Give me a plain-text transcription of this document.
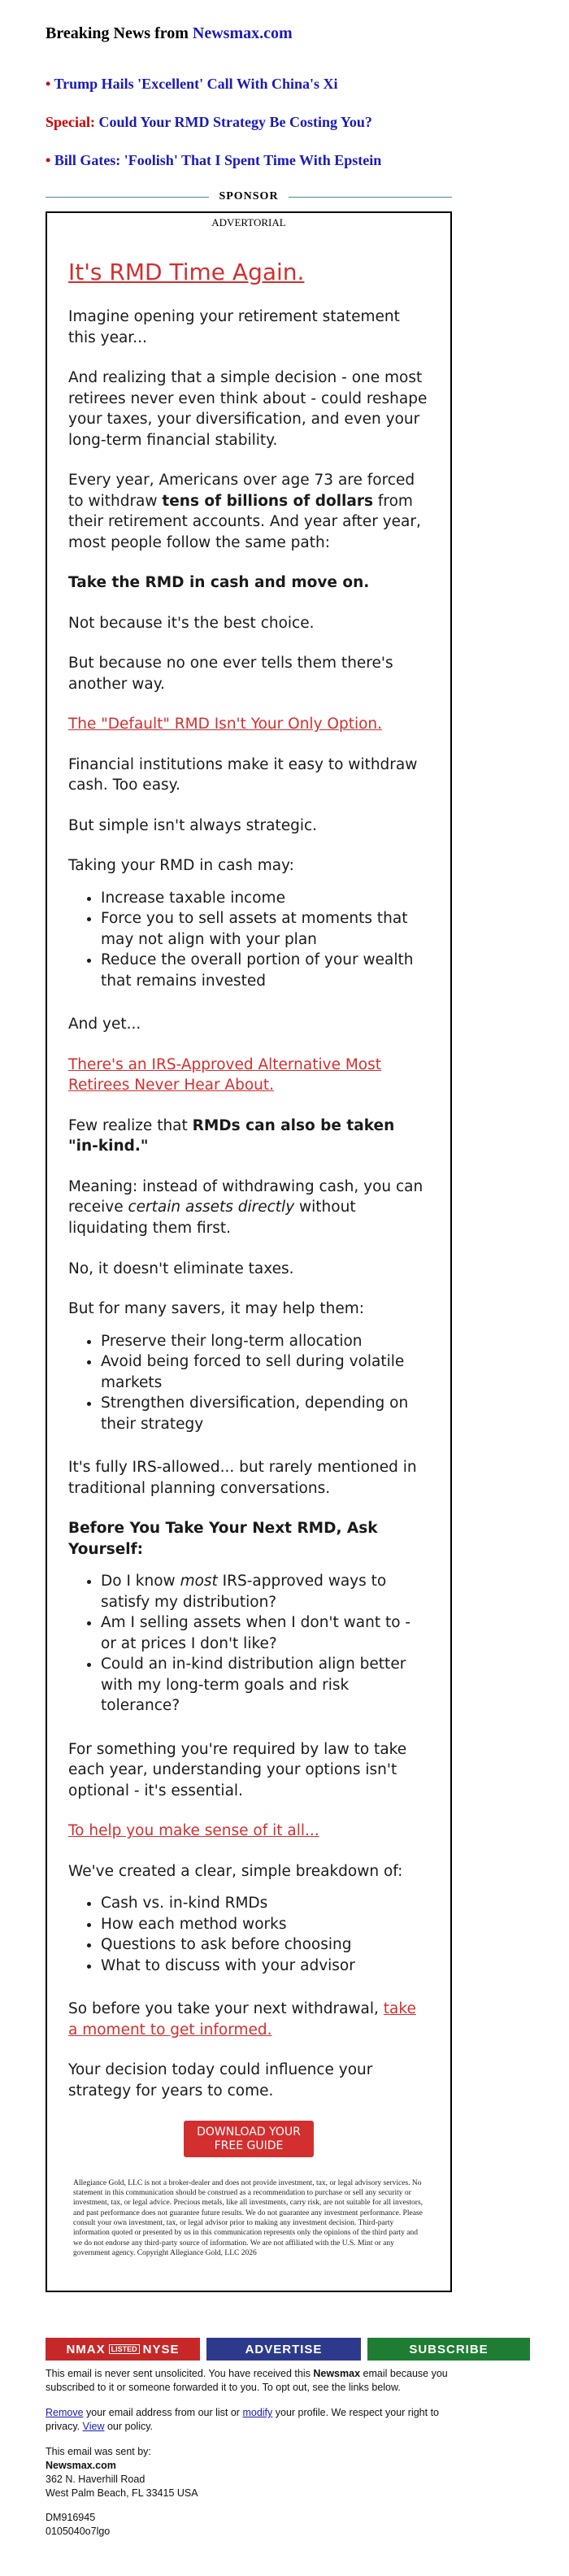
Breaking News from Newsmax.com
• Trump Hails 'Excellent' Call With China's Xi
Special: Could Your RMD Strategy Be Costing You?
• Bill Gates: 'Foolish' That I Spent Time With Epstein
SPONSOR
ADVERTORIAL
It's RMD Time Again.

Imagine opening your retirement statement this year...

And realizing that a simple decision - one most retirees never even think about - could reshape your taxes, your diversification, and even your long-term financial stability.

Every year, Americans over age 73 are forced to withdraw tens of billions of dollars from their retirement accounts. And year after year, most people follow the same path:

Take the RMD in cash and move on.

Not because it's the best choice.

But because no one ever tells them there's another way.

The "Default" RMD Isn't Your Only Option.

Financial institutions make it easy to withdraw cash. Too easy.

But simple isn't always strategic.

Taking your RMD in cash may:

• Increase taxable income
• Force you to sell assets at moments that may not align with your plan
• Reduce the overall portion of your wealth that remains invested

And yet...

There's an IRS-Approved Alternative Most Retirees Never Hear About.

Few realize that RMDs can also be taken "in-kind."

Meaning: instead of withdrawing cash, you can receive certain assets directly without liquidating them first.

No, it doesn't eliminate taxes.

But for many savers, it may help them:

• Preserve their long-term allocation
• Avoid being forced to sell during volatile markets
• Strengthen diversification, depending on their strategy

It's fully IRS-allowed... but rarely mentioned in traditional planning conversations.

Before You Take Your Next RMD, Ask Yourself:

• Do I know most IRS-approved ways to satisfy my distribution?
• Am I selling assets when I don't want to - or at prices I don't like?
• Could an in-kind distribution align better with my long-term goals and risk tolerance?

For something you're required by law to take each year, understanding your options isn't optional - it's essential.

To help you make sense of it all...

We've created a clear, simple breakdown of:

• Cash vs. in-kind RMDs
• How each method works
• Questions to ask before choosing
• What to discuss with your advisor

So before you take your next withdrawal, take a moment to get informed.

Your decision today could influence your strategy for years to come.

DOWNLOAD YOUR
FREE GUIDE

Allegiance Gold, LLC is not a broker-dealer and does not provide investment, tax, or legal advisory services. No statement in this communication should be construed as a recommendation to purchase or sell any security or investment, tax, or legal advice. Precious metals, like all investments, carry risk, are not suitable for all investors, and past performance does not guarantee future results. We do not guarantee any investment performance. Please consult your own investment, tax, or legal advisor prior to making any investment decision. Third-party information quoted or presented by us in this communication represents only the opinions of the third party and we do not endorse any third-party source of information. We are not affiliated with the U.S. Mint or any government agency. Copyright Allegiance Gold, LLC 2026

NMAX LISTED NYSE	ADVERTISE	SUBSCRIBE

This email is never sent unsolicited. You have received this Newsmax email because you subscribed to it or someone forwarded it to you. To opt out, see the links below.

Remove your email address from our list or modify your profile. We respect your right to privacy. View our policy.

This email was sent by:
Newsmax.com
362 N. Haverhill Road
West Palm Beach, FL 33415 USA

DM916945
0105040o7lgo
